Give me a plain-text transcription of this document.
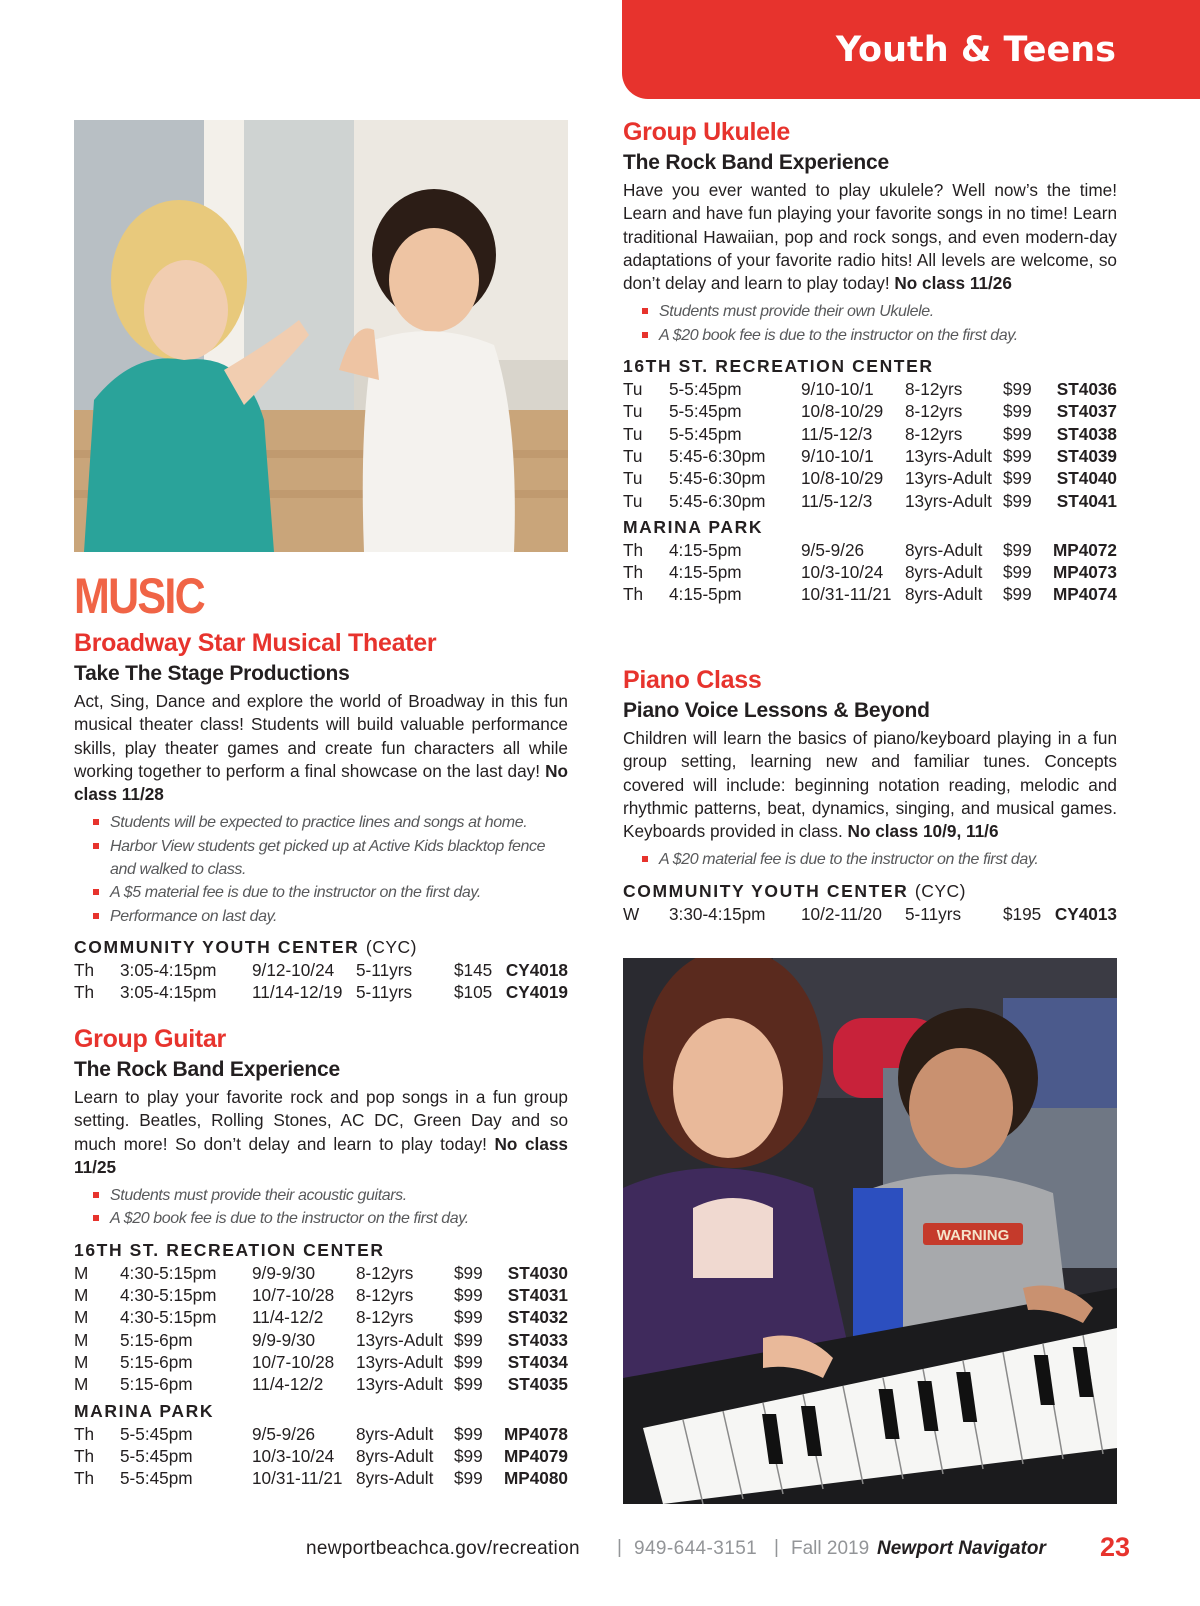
Youth & Teens
MUSIC
Broadway Star Musical Theater
Take The Stage Productions

Act, Sing, Dance and explore the world of Broadway in this fun musical theater class! Students will build valuable performance skills, play theater games and create fun characters all while working together to perform a final showcase on the last day! No class 11/28

Students will be expected to practice lines and songs at home.
Harbor View students get picked up at Active Kids blacktop fence and walked to class.
A $5 material fee is due to the instructor on the first day.
Performance on last day.
COMMUNITY YOUTH CENTER (CYC)
Th 3:05-4:15pm 9/12-10/24 5-11yrs $145 CY4018
Th 3:05-4:15pm 11/14-12/19 5-11yrs $105 CY4019
Group Guitar
The Rock Band Experience

Learn to play your favorite rock and pop songs in a fun group setting. Beatles, Rolling Stones, AC DC, Green Day and so much more! So don’t delay and learn to play today! No class 11/25

Students must provide their acoustic guitars.
A $20 book fee is due to the instructor on the first day.
16TH ST. RECREATION CENTER
M 4:30-5:15pm 9/9-9/30 8-12yrs $99 ST4030
M 4:30-5:15pm 10/7-10/28 8-12yrs $99 ST4031
M 4:30-5:15pm 11/4-12/2 8-12yrs $99 ST4032
M 5:15-6pm	9/9-9/30 13yrs-Adult $99 ST4033
M 5:15-6pm	10/7-10/28 13yrs-Adult $99 ST4034
M 5:15-6pm	11/4-12/2 13yrs-Adult $99 ST4035
MARINA PARK
Th 5-5:45pm	9/5-9/26 8yrs-Adult $99 MP4078
Th 5-5:45pm	10/3-10/24 8yrs-Adult $99 MP4079
Th 5-5:45pm	10/31-11/21 8yrs-Adult $99 MP4080
Group Ukulele
The Rock Band Experience

Have you ever wanted to play ukulele? Well now’s the time! Learn and have fun playing your favorite songs in no time! Learn traditional Hawaiian, pop and rock songs, and even modern-day adaptations of your favorite radio hits! All levels are welcome, so don’t delay and learn to play today! No class 11/26

Students must provide their own Ukulele.
A $20 book fee is due to the instructor on the first day.
16TH ST. RECREATION CENTER
Tu 5-5:45pm	9/10-10/1 8-12yrs $99 ST4036
Tu 5-5:45pm	10/8-10/29 8-12yrs $99 ST4037
Tu 5-5:45pm	11/5-12/3 8-12yrs $99 ST4038
Tu 5:45-6:30pm 9/10-10/1 13yrs-Adult $99 ST4039
Tu 5:45-6:30pm 10/8-10/29 13yrs-Adult $99 ST4040
Tu 5:45-6:30pm 11/5-12/3 13yrs-Adult $99 ST4041
MARINA PARK
Th 4:15-5pm	9/5-9/26 8yrs-Adult $99 MP4072
Th 4:15-5pm	10/3-10/24 8yrs-Adult $99 MP4073
Th 4:15-5pm	10/31-11/21 8yrs-Adult $99 MP4074
Piano Class
Piano Voice Lessons & Beyond

Children will learn the basics of piano/keyboard playing in a fun group setting, learning new and familiar tunes. Concepts covered will include: beginning notation reading, melodic and rhythmic patterns, beat, dynamics, singing, and musical games. Keyboards provided in class. No class 10/9, 11/6

A $20 material fee is due to the instructor on the first day.
COMMUNITY YOUTH CENTER (CYC)
W 3:30-4:15pm 10/2-11/20 5-11yrs $195 CY4013
WARNING
newportbeachca.gov/recreation | 949-644-3151 | Fall 2019 Newport Navigator 23
